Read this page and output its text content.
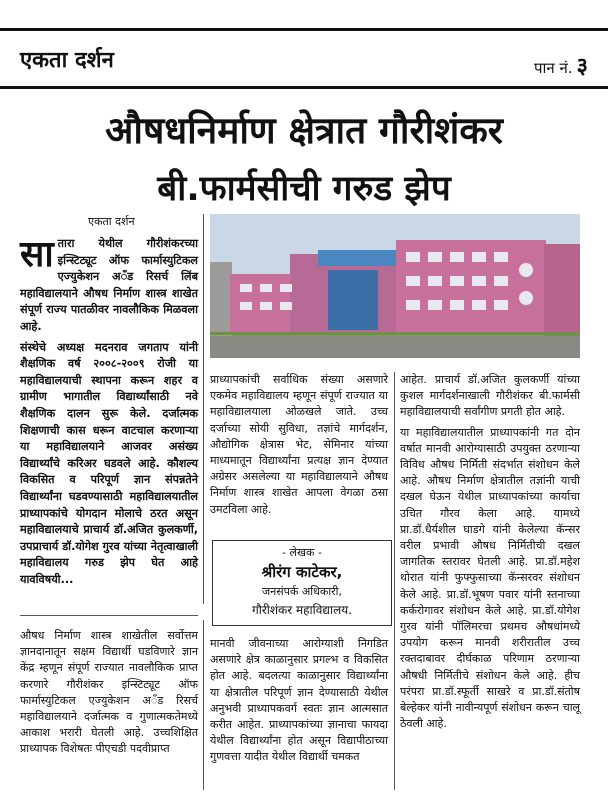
एकता दर्शन	पान नं. ३
औषधनिर्माण क्षेत्रात गौरीशंकर
बी.फार्मसीची गरुड झेप
एकता दर्शन

सातारा येथील गौरीशंकरच्या इन्स्टिट्यूट ऑफ फार्मास्युटिकल एज्युकेशन अॅंड रिसर्च लिंब महाविद्यालयाने औषध निर्माण शास्त्र शाखेत संपूर्ण राज्य पातळीवर नावलौकिक मिळवला आहे.

संस्थेचे अध्यक्ष मदनराव जगताप यांनी शैक्षणिक वर्ष २००८-२००९ रोजी या महाविद्यालयाची स्थापना करून शहर व ग्रामीण भागातील विद्यार्थ्यांसाठी नवे शैक्षणिक दालन सुरू केले. दर्जात्मक शिक्षणाची कास धरून वाटचाल करणाऱ्या या महाविद्यालयाने आजवर असंख्य विद्यार्थ्यांचे करिअर घडवले आहे. कौशल्य विकसित व परिपूर्ण ज्ञान संपन्नतेने विद्यार्थ्यांना घडवण्यासाठी महाविद्यालयातील प्राध्यापकांचे योगदान मोलाचे ठरत असून महाविद्यालयाचे प्राचार्य डॉ.अजित कुलकर्णी, उपप्राचार्य डॉ.योगेश गुरव यांच्या नेतृत्वाखाली महाविद्यालय गरुड झेप घेत आहे यावविषयी...

औषध निर्माण शास्त्र शाखेतील सर्वोत्तम ज्ञानदानातून सक्षम विद्यार्थी घडविणारे ज्ञान केंद्र म्हणून संपूर्ण राज्यात नावलौकिक प्राप्त करणारे गौरीशंकर इन्स्टिट्यूट ऑफ फार्मास्युटिकल एज्युकेशन अॅंड रिसर्च महाविद्यालयाने दर्जात्मक व गुणात्मकतेमध्ये आकाश भरारी घेतली आहे. उच्चशिक्षित प्राध्यापक विशेषतः पीएचडी पदवीप्राप्त

प्राध्यापकांची सर्वाधिक संख्या असणारे एकमेव महाविद्यालय म्हणून संपूर्ण राज्यात या महाविद्यालयाला ओळखले जाते. उच्च दर्जाच्या सोयी सुविधा, तज्ञांचे मार्गदर्शन, औद्योगिक क्षेत्रास भेट, सेमिनार यांच्या माध्यमातून विद्यार्थ्यांना प्रत्यक्ष ज्ञान देण्यात अग्रेसर असलेल्या या महाविद्यालयाने औषध निर्माण शास्त्र शाखेत आपला वेगळा ठसा उमटविला आहे.

- लेखक -
श्रीरंग काटेकर,
जनसंपर्क अधिकारी,
गौरीशंकर महाविद्यालय.

मानवी जीवनाच्या आरोग्याशी निगडित असणारे क्षेत्र काळानुसार प्रगल्भ व विकसित होत आहे. बदलत्या काळानुसार विद्यार्थ्यांना या क्षेत्रातील परिपूर्ण ज्ञान देण्यासाठी येथील अनुभवी प्राध्यापकवर्ग स्वतः ज्ञान आत्मसात करीत आहेत. प्राध्यापकांच्या ज्ञानाचा फायदा येथील विद्यार्थ्यांना होत असून विद्यापीठाच्या गुणवत्ता यादीत येथील विद्यार्थी चमकत

आहेत. प्राचार्य डॉ.अजित कुलकर्णी यांच्या कुशल मार्गदर्शनाखाली गौरीशंकर बी.फार्मसी महाविद्यालयाची सर्वांगीण प्रगती होत आहे.

या महाविद्यालयातील प्राध्यापकांनी गत दोन वर्षात मानवी आरोग्यासाठी उपयुक्त ठरणाऱ्या विविध औषध निर्मिती संदर्भात संशोधन केले आहे. औषध निर्माण क्षेत्रातील तज्ञांनी याची दखल घेऊन येथील प्राध्यापकांच्या कार्याचा उचित गौरव केला आहे. यामध्ये प्रा.डॉ.धैर्यशील घाडगे यांनी केलेल्या कॅन्सर वरील प्रभावी औषध निर्मितीची दखल जागतिक स्तरावर घेतली आहे. प्रा.डॉ.महेश थोरात यांनी फुफ्फुसाच्या कॅन्सरवर संशोधन केले आहे. प्रा.डॉ.भूषण पवार यांनी स्तनाच्या कर्करोगावर संशोधन केले आहे. प्रा.डॉ.योगेश गुरव यांनी पॉलिमरचा प्रथमच औषधांमध्ये उपयोग करून मानवी शरीरातील उच्च रक्तदाबावर दीर्घकाळ परिणाम ठरणाऱ्या औषधी निर्मितीचे संशोधन केले आहे. हीच परंपरा प्रा.डॉ.स्फूर्ती साखरे व प्रा.डॉ.संतोष बेल्हेकर यांनी नावीन्यपूर्ण संशोधन करून चालू ठेवली आहे.
